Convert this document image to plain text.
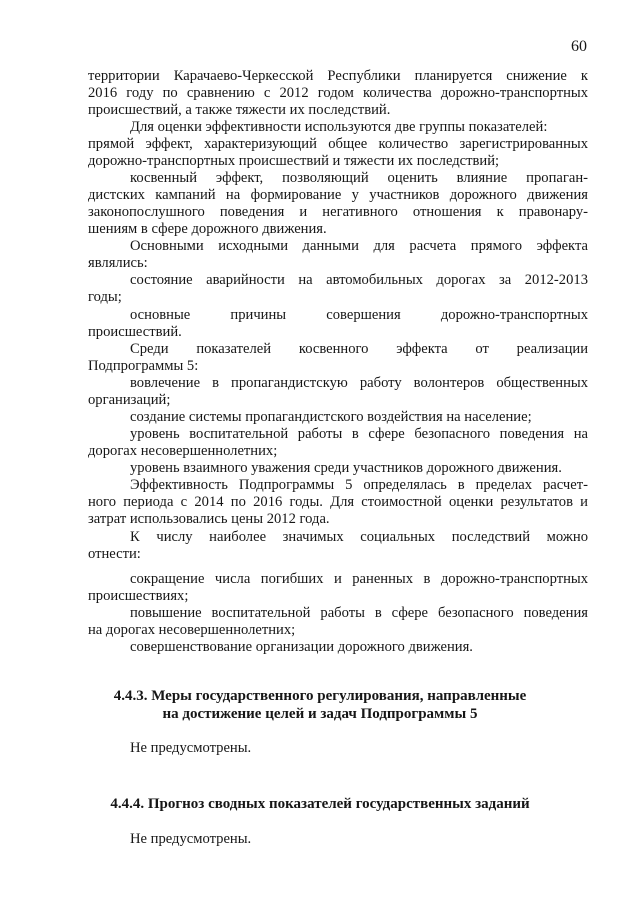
60
территории Карачаево-Черкесской Республики планируется снижение к
2016 году по сравнению с 2012 годом количества дорожно-транспортных
происшествий, а также тяжести их последствий.
Для оценки эффективности используются две группы показателей:
прямой эффект, характеризующий общее количество зарегистрированных
дорожно-транспортных происшествий и тяжести их последствий;
косвенный эффект, позволяющий оценить влияние пропаган-
дистских кампаний на формирование у участников дорожного движения
законопослушного поведения и негативного отношения к правонару-
шениям в сфере дорожного движения.
Основными исходными данными для расчета прямого эффекта
являлись:
состояние аварийности на автомобильных дорогах за 2012-2013
годы;
основные причины совершения дорожно-транспортных
происшествий.
Среди показателей косвенного эффекта от реализации
Подпрограммы 5:
вовлечение в пропагандистскую работу волонтеров общественных
организаций;
создание системы пропагандистского воздействия на население;
уровень воспитательной работы в сфере безопасного поведения на
дорогах несовершеннолетних;
уровень взаимного уважения среди участников дорожного движения.
Эффективность Подпрограммы 5 определялась в пределах расчет-
ного периода с 2014 по 2016 годы. Для стоимостной оценки результатов и
затрат использовались цены 2012 года.
К числу наиболее значимых социальных последствий можно
отнести:
сокращение числа погибших и раненных в дорожно-транспортных
происшествиях;
повышение воспитательной работы в сфере безопасного поведения
на дорогах несовершеннолетних;
совершенствование организации дорожного движения.
4.4.3. Меры государственного регулирования, направленные
на достижение целей и задач Подпрограммы 5
Не предусмотрены.
4.4.4. Прогноз сводных показателей государственных заданий
Не предусмотрены.
